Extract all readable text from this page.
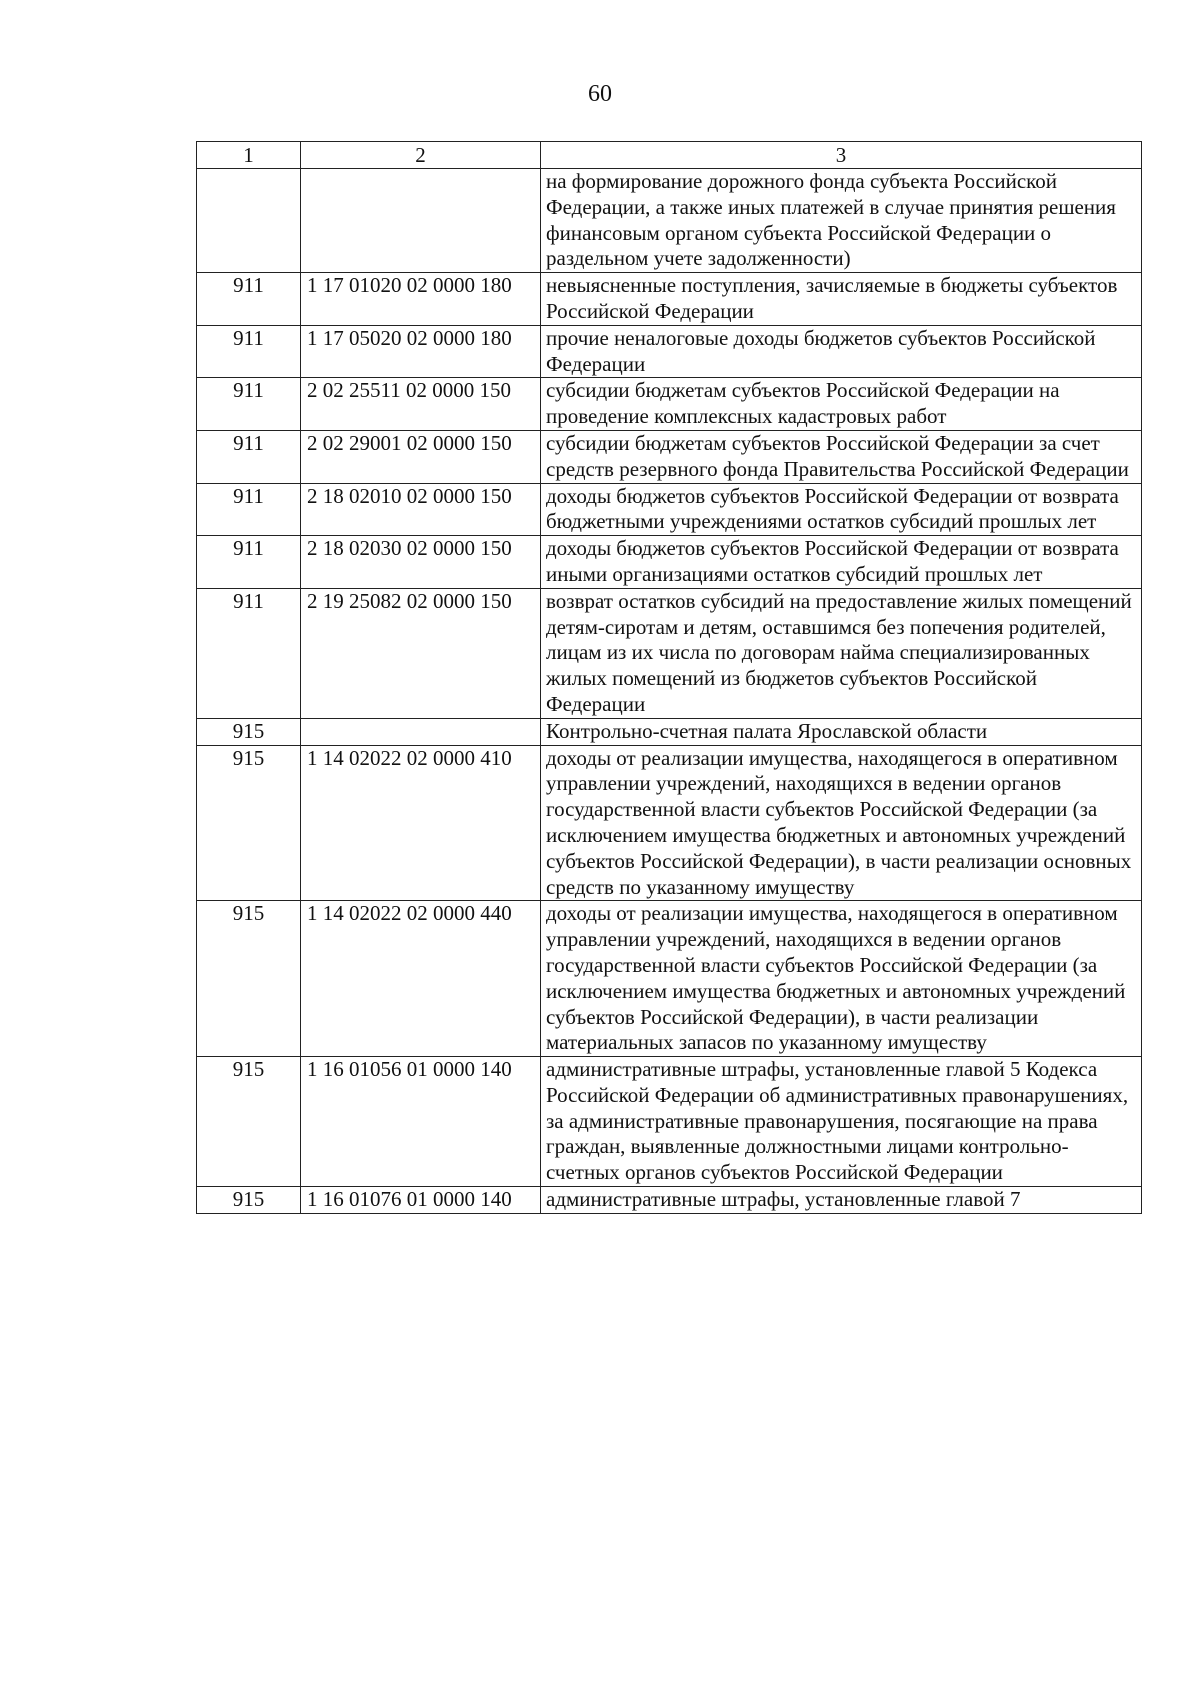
60
1	2	3
		на формирование дорожного фонда субъекта Российской Федерации, а также иных платежей в случае принятия решения финансовым органом субъекта Российской Федерации о раздельном учете задолженности)
911	1 17 01020 02 0000 180	невыясненные поступления, зачисляемые в бюджеты субъектов Российской Федерации
911	1 17 05020 02 0000 180	прочие неналоговые доходы бюджетов субъектов Российской Федерации
911	2 02 25511 02 0000 150	субсидии бюджетам субъектов Российской Федерации на проведение комплексных кадастровых работ
911	2 02 29001 02 0000 150	субсидии бюджетам субъектов Российской Федерации за счет средств резервного фонда Правительства Российской Федерации
911	2 18 02010 02 0000 150	доходы бюджетов субъектов Российской Федерации от возврата бюджетными учреждениями остатков субсидий прошлых лет
911	2 18 02030 02 0000 150	доходы бюджетов субъектов Российской Федерации от возврата иными организациями остатков субсидий прошлых лет
911	2 19 25082 02 0000 150	возврат остатков субсидий на предоставление жилых помещений детям-сиротам и детям, оставшимся без попечения родителей, лицам из их числа по договорам найма специализированных жилых помещений из бюджетов субъектов Российской Федерации
915		Контрольно-счетная палата Ярославской области
915	1 14 02022 02 0000 410	доходы от реализации имущества, находящегося в оперативном управлении учреждений, находящихся в ведении органов государственной власти субъектов Российской Федерации (за исключением имущества бюджетных и автономных учреждений субъектов Российской Федерации), в части реализации основных средств по указанному имуществу
915	1 14 02022 02 0000 440	доходы от реализации имущества, находящегося в оперативном управлении учреждений, находящихся в ведении органов государственной власти субъектов Российской Федерации (за исключением имущества бюджетных и автономных учреждений субъектов Российской Федерации), в части реализации материальных запасов по указанному имуществу
915	1 16 01056 01 0000 140	административные штрафы, установленные главой 5 Кодекса Российской Федерации об административных правонарушениях, за административные правонарушения, посягающие на права граждан, выявленные должностными лицами контрольно-счетных органов субъектов Российской Федерации
915	1 16 01076 01 0000 140	административные штрафы, установленные главой 7
